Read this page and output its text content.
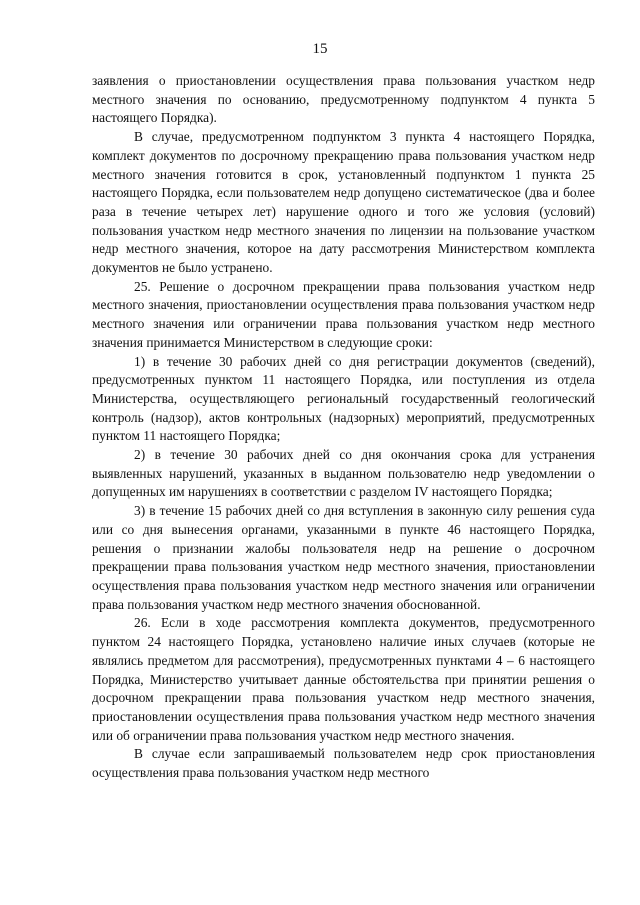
15

заявления о приостановлении осуществления права пользования участком недр местного значения по основанию, предусмотренному подпунктом 4 пункта 5 настоящего Порядка).

В случае, предусмотренном подпунктом 3 пункта 4 настоящего Порядка, комплект документов по досрочному прекращению права пользования участком недр местного значения готовится в срок, установленный подпунктом 1 пункта 25 настоящего Порядка, если пользователем недр допущено систематическое (два и более раза в течение четырех лет) нарушение одного и того же условия (условий) пользования участком недр местного значения по лицензии на пользование участком недр местного значения, которое на дату рассмотрения Министерством комплекта документов не было устранено.

25. Решение о досрочном прекращении права пользования участком недр местного значения, приостановлении осуществления права пользования участком недр местного значения или ограничении права пользования участком недр местного значения принимается Министерством в следующие сроки:

1) в течение 30 рабочих дней со дня регистрации документов (сведений), предусмотренных пунктом 11 настоящего Порядка, или поступления из отдела Министерства, осуществляющего региональный государственный геологический контроль (надзор), актов контрольных (надзорных) мероприятий, предусмотренных пунктом 11 настоящего Порядка;

2) в течение 30 рабочих дней со дня окончания срока для устранения выявленных нарушений, указанных в выданном пользователю недр уведомлении о допущенных им нарушениях в соответствии с разделом IV настоящего Порядка;

3) в течение 15 рабочих дней со дня вступления в законную силу решения суда или со дня вынесения органами, указанными в пункте 46 настоящего Порядка, решения о признании жалобы пользователя недр на решение о досрочном прекращении права пользования участком недр местного значения, приостановлении осуществления права пользования участком недр местного значения или ограничении права пользования участком недр местного значения обоснованной.

26. Если в ходе рассмотрения комплекта документов, предусмотренного пунктом 24 настоящего Порядка, установлено наличие иных случаев (которые не являлись предметом для рассмотрения), предусмотренных пунктами 4 – 6 настоящего Порядка, Министерство учитывает данные обстоятельства при принятии решения о досрочном прекращении права пользования участком недр местного значения, приостановлении осуществления права пользования участком недр местного значения или об ограничении права пользования участком недр местного значения.

В случае если запрашиваемый пользователем недр срок приостановления осуществления права пользования участком недр местного
